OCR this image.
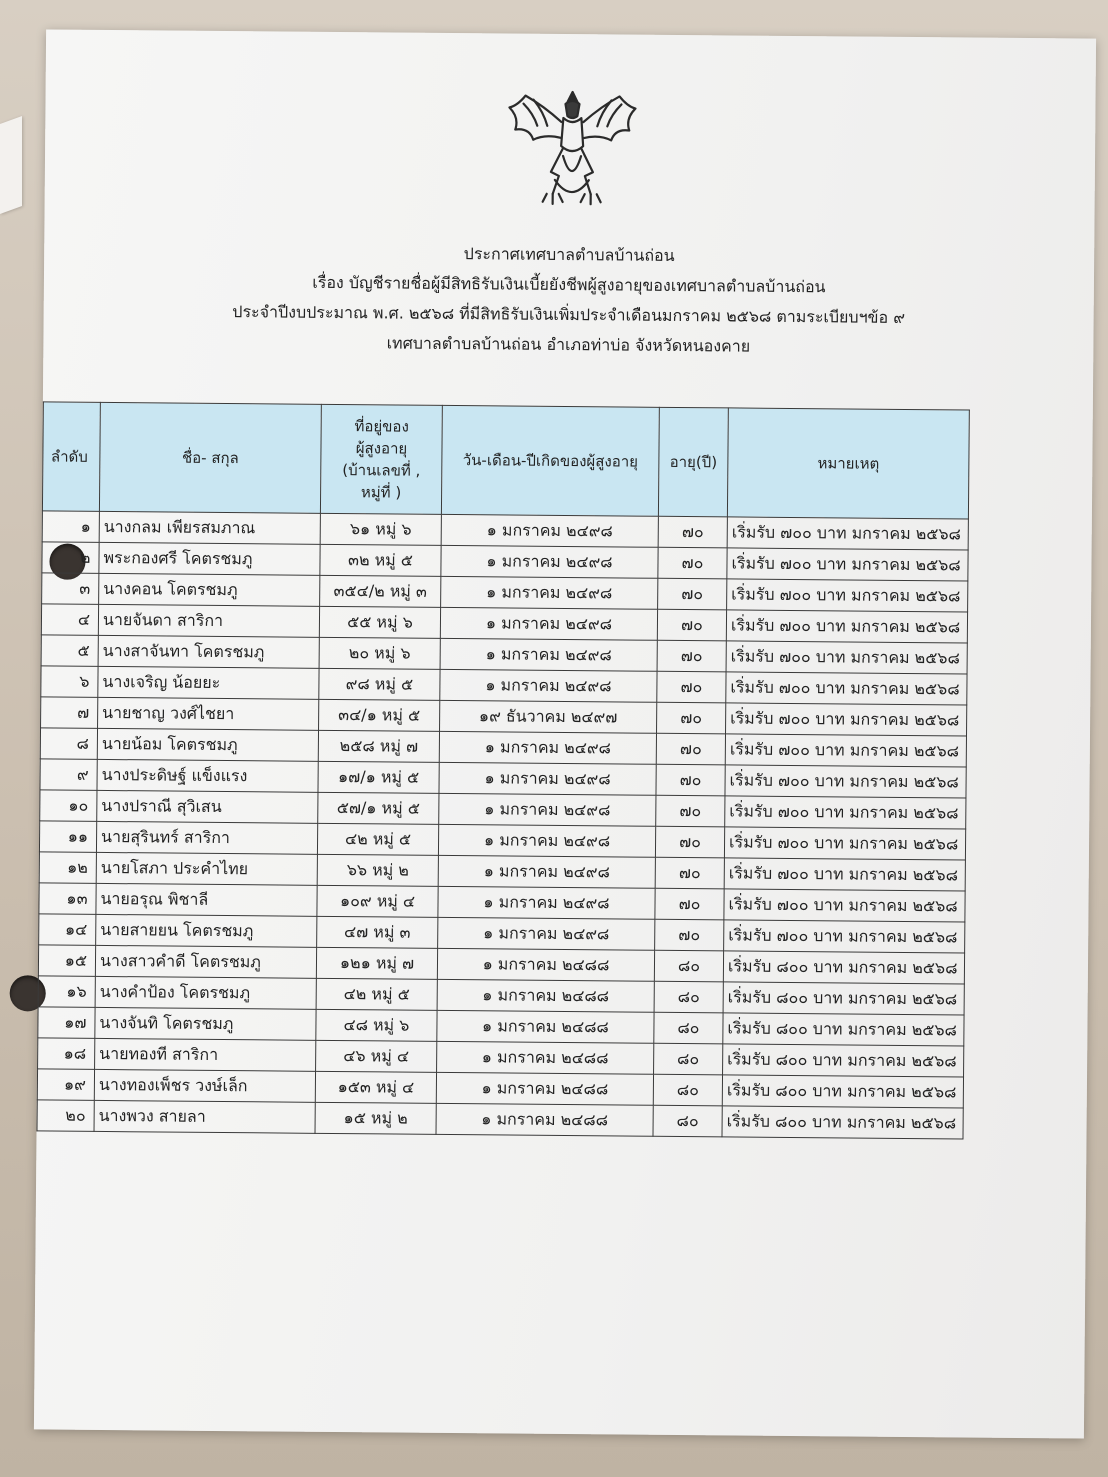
ประกาศเทศบาลตำบลบ้านถ่อน
เรื่อง บัญชีรายชื่อผู้มีสิทธิรับเงินเบี้ยยังชีพผู้สูงอายุของเทศบาลตำบลบ้านถ่อน
ประจำปีงบประมาณ พ.ศ. ๒๕๖๘ ที่มีสิทธิรับเงินเพิ่มประจำเดือนมกราคม ๒๕๖๘ ตามระเบียบฯข้อ ๙
เทศบาลตำบลบ้านถ่อน อำเภอท่าบ่อ จังหวัดหนองคาย
ลำดับ	ชื่อ- สกุล	ที่อยู่ของ
ผู้สูงอายุ
(บ้านเลขที่ ,
หมู่ที่ )	วัน-เดือน-ปีเกิดของผู้สูงอายุ	อายุ(ปี)	หมายเหตุ
๑	นางกลม เพียรสมภาณ	๖๑ หมู่ ๖	๑ มกราคม ๒๔๙๘	๗๐	เริ่มรับ ๗๐๐ บาท มกราคม ๒๕๖๘
๒	พระกองศรี โคตรชมภู	๓๒ หมู่ ๕	๑ มกราคม ๒๔๙๘	๗๐	เริ่มรับ ๗๐๐ บาท มกราคม ๒๕๖๘
๓	นางคอน โคตรชมภู	๓๕๔/๒ หมู่ ๓	๑ มกราคม ๒๔๙๘	๗๐	เริ่มรับ ๗๐๐ บาท มกราคม ๒๕๖๘
๔	นายจันดา สาริกา	๕๕ หมู่ ๖	๑ มกราคม ๒๔๙๘	๗๐	เริ่มรับ ๗๐๐ บาท มกราคม ๒๕๖๘
๕	นางสาจันทา โคตรชมภู	๒๐ หมู่ ๖	๑ มกราคม ๒๔๙๘	๗๐	เริ่มรับ ๗๐๐ บาท มกราคม ๒๕๖๘
๖	นางเจริญ น้อยยะ	๙๘ หมู่ ๕	๑ มกราคม ๒๔๙๘	๗๐	เริ่มรับ ๗๐๐ บาท มกราคม ๒๕๖๘
๗	นายชาญ วงศ์ไชยา	๓๔/๑ หมู่ ๕	๑๙ ธันวาคม ๒๔๙๗	๗๐	เริ่มรับ ๗๐๐ บาท มกราคม ๒๕๖๘
๘	นายน้อม โคตรชมภู	๒๕๘ หมู่ ๗	๑ มกราคม ๒๔๙๘	๗๐	เริ่มรับ ๗๐๐ บาท มกราคม ๒๕๖๘
๙	นางประดิษฐ์ แข็งแรง	๑๗/๑ หมู่ ๕	๑ มกราคม ๒๔๙๘	๗๐	เริ่มรับ ๗๐๐ บาท มกราคม ๒๕๖๘
๑๐	นางปราณี สุวิเสน	๕๗/๑ หมู่ ๕	๑ มกราคม ๒๔๙๘	๗๐	เริ่มรับ ๗๐๐ บาท มกราคม ๒๕๖๘
๑๑	นายสุรินทร์ สาริกา	๔๒ หมู่ ๕	๑ มกราคม ๒๔๙๘	๗๐	เริ่มรับ ๗๐๐ บาท มกราคม ๒๕๖๘
๑๒	นายโสภา ประคำไทย	๖๖ หมู่ ๒	๑ มกราคม ๒๔๙๘	๗๐	เริ่มรับ ๗๐๐ บาท มกราคม ๒๕๖๘
๑๓	นายอรุณ พิชาลี	๑๐๙ หมู่ ๔	๑ มกราคม ๒๔๙๘	๗๐	เริ่มรับ ๗๐๐ บาท มกราคม ๒๕๖๘
๑๔	นายสายยน โคตรชมภู	๔๗ หมู่ ๓	๑ มกราคม ๒๔๙๘	๗๐	เริ่มรับ ๗๐๐ บาท มกราคม ๒๕๖๘
๑๕	นางสาวคำดี โคตรชมภู	๑๒๑ หมู่ ๗	๑ มกราคม ๒๔๘๘	๘๐	เริ่มรับ ๘๐๐ บาท มกราคม ๒๕๖๘
๑๖	นางคำป้อง โคตรชมภู	๔๒ หมู่ ๕	๑ มกราคม ๒๔๘๘	๘๐	เริ่มรับ ๘๐๐ บาท มกราคม ๒๕๖๘
๑๗	นางจันทิ โคตรชมภู	๔๘ หมู่ ๖	๑ มกราคม ๒๔๘๘	๘๐	เริ่มรับ ๘๐๐ บาท มกราคม ๒๕๖๘
๑๘	นายทองที สาริกา	๔๖ หมู่ ๔	๑ มกราคม ๒๔๘๘	๘๐	เริ่มรับ ๘๐๐ บาท มกราคม ๒๕๖๘
๑๙	นางทองเพ็ชร วงษ์เล็ก	๑๕๓ หมู่ ๔	๑ มกราคม ๒๔๘๘	๘๐	เริ่มรับ ๘๐๐ บาท มกราคม ๒๕๖๘
๒๐	นางพวง สายลา	๑๕ หมู่ ๒	๑ มกราคม ๒๔๘๘	๘๐	เริ่มรับ ๘๐๐ บาท มกราคม ๒๕๖๘
